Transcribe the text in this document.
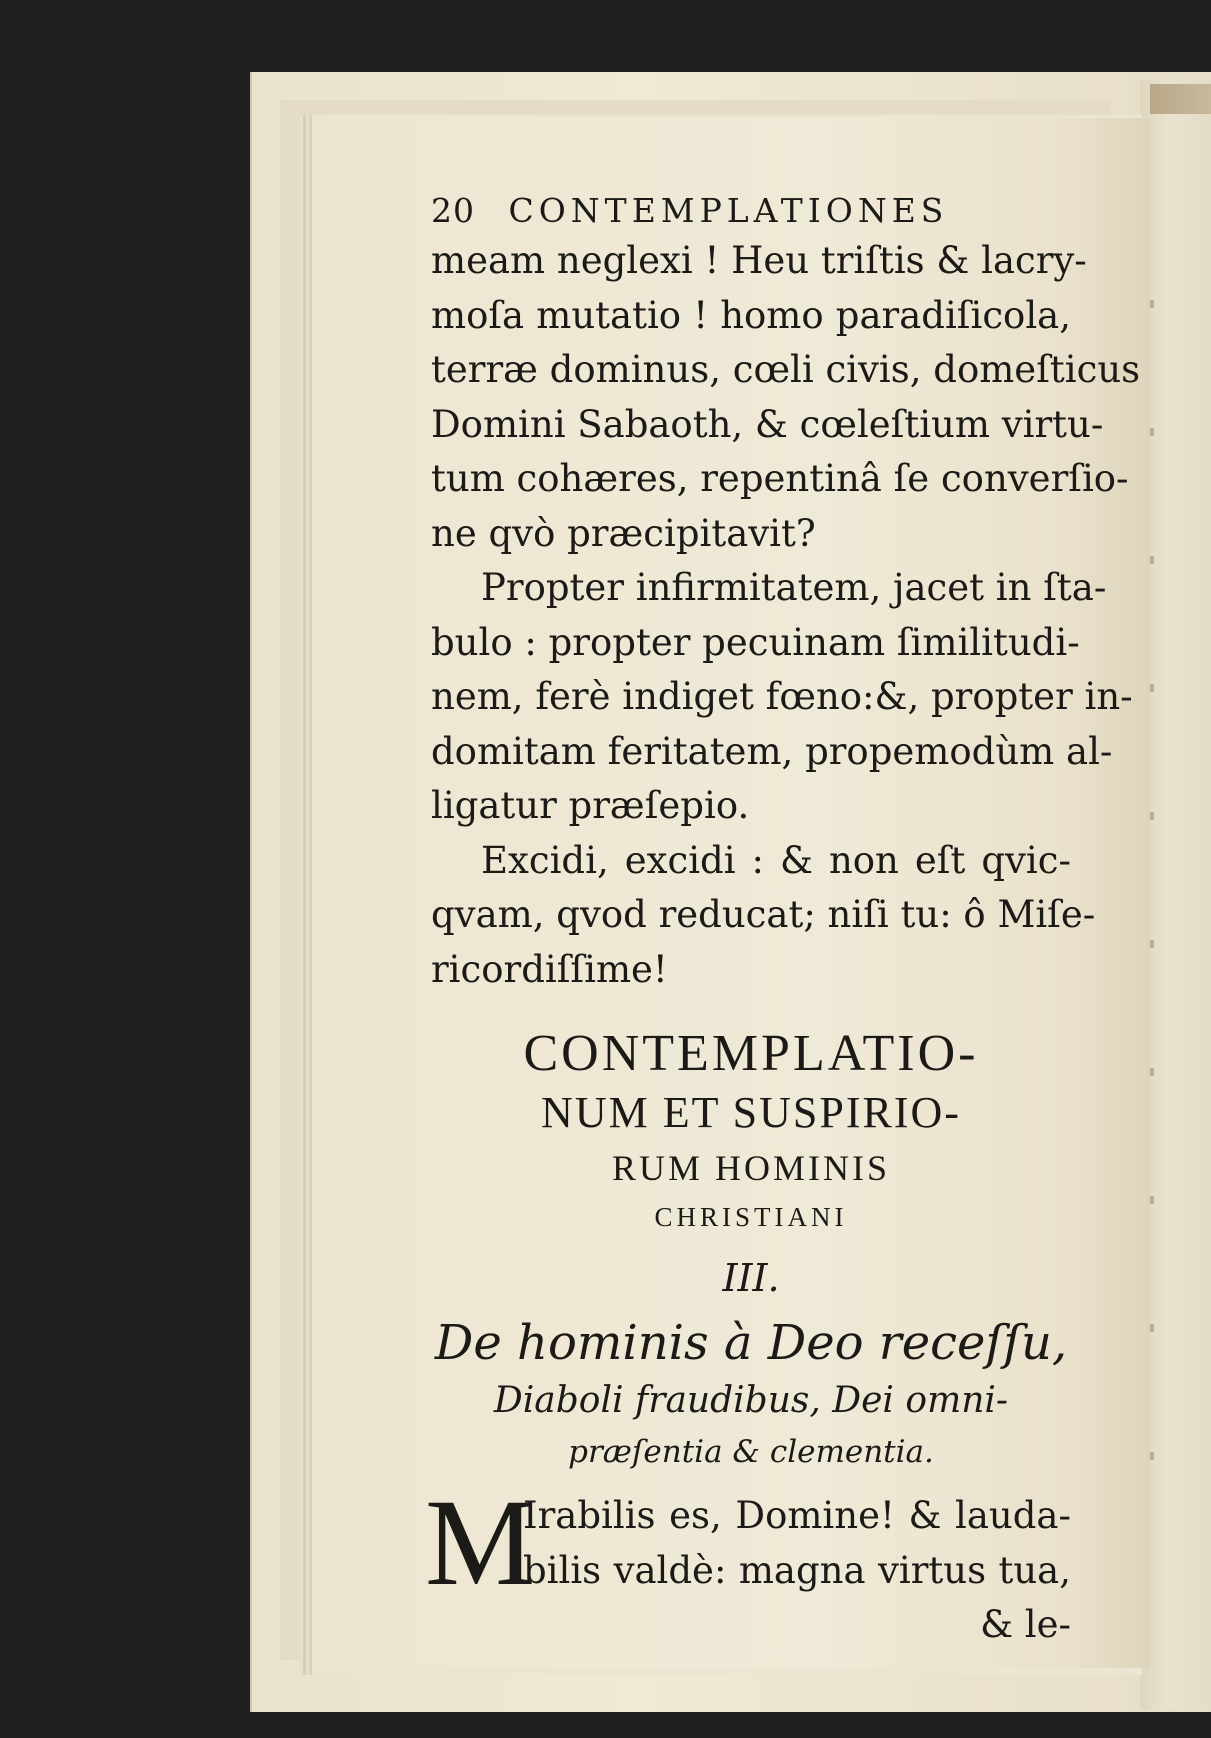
20 CONTEMPLATIONES
meam neglexi ! Heu triſtis & lacry-
moſa mutatio ! homo paradiſicola,
terræ dominus, cœli civis, domeſticus
Domini Sabaoth, & cœleſtium virtu-
tum cohæres, repentinâ ſe converſio-
ne qvò præcipitavit?
Propter infirmitatem, jacet in ſta-
bulo : propter pecuinam ſimilitudi-
nem, ferè indiget fœno:&, propter in-
domitam feritatem, propemodùm al-
ligatur præſepio.
Excidi, excidi : & non eſt qvic-
qvam, qvod reducat; niſi tu: ô Miſe-
ricordiſſime!
CONTEMPLATIO-
NUM ET SUSPIRIO-
RUM HOMINIS
CHRISTIANI
III.
De hominis à Deo receſſu,
Diaboli fraudibus, Dei omni-
præſentia & clementia.
M
Irabilis es, Domine! & lauda-
bilis valdè: magna virtus tua,
& le-
